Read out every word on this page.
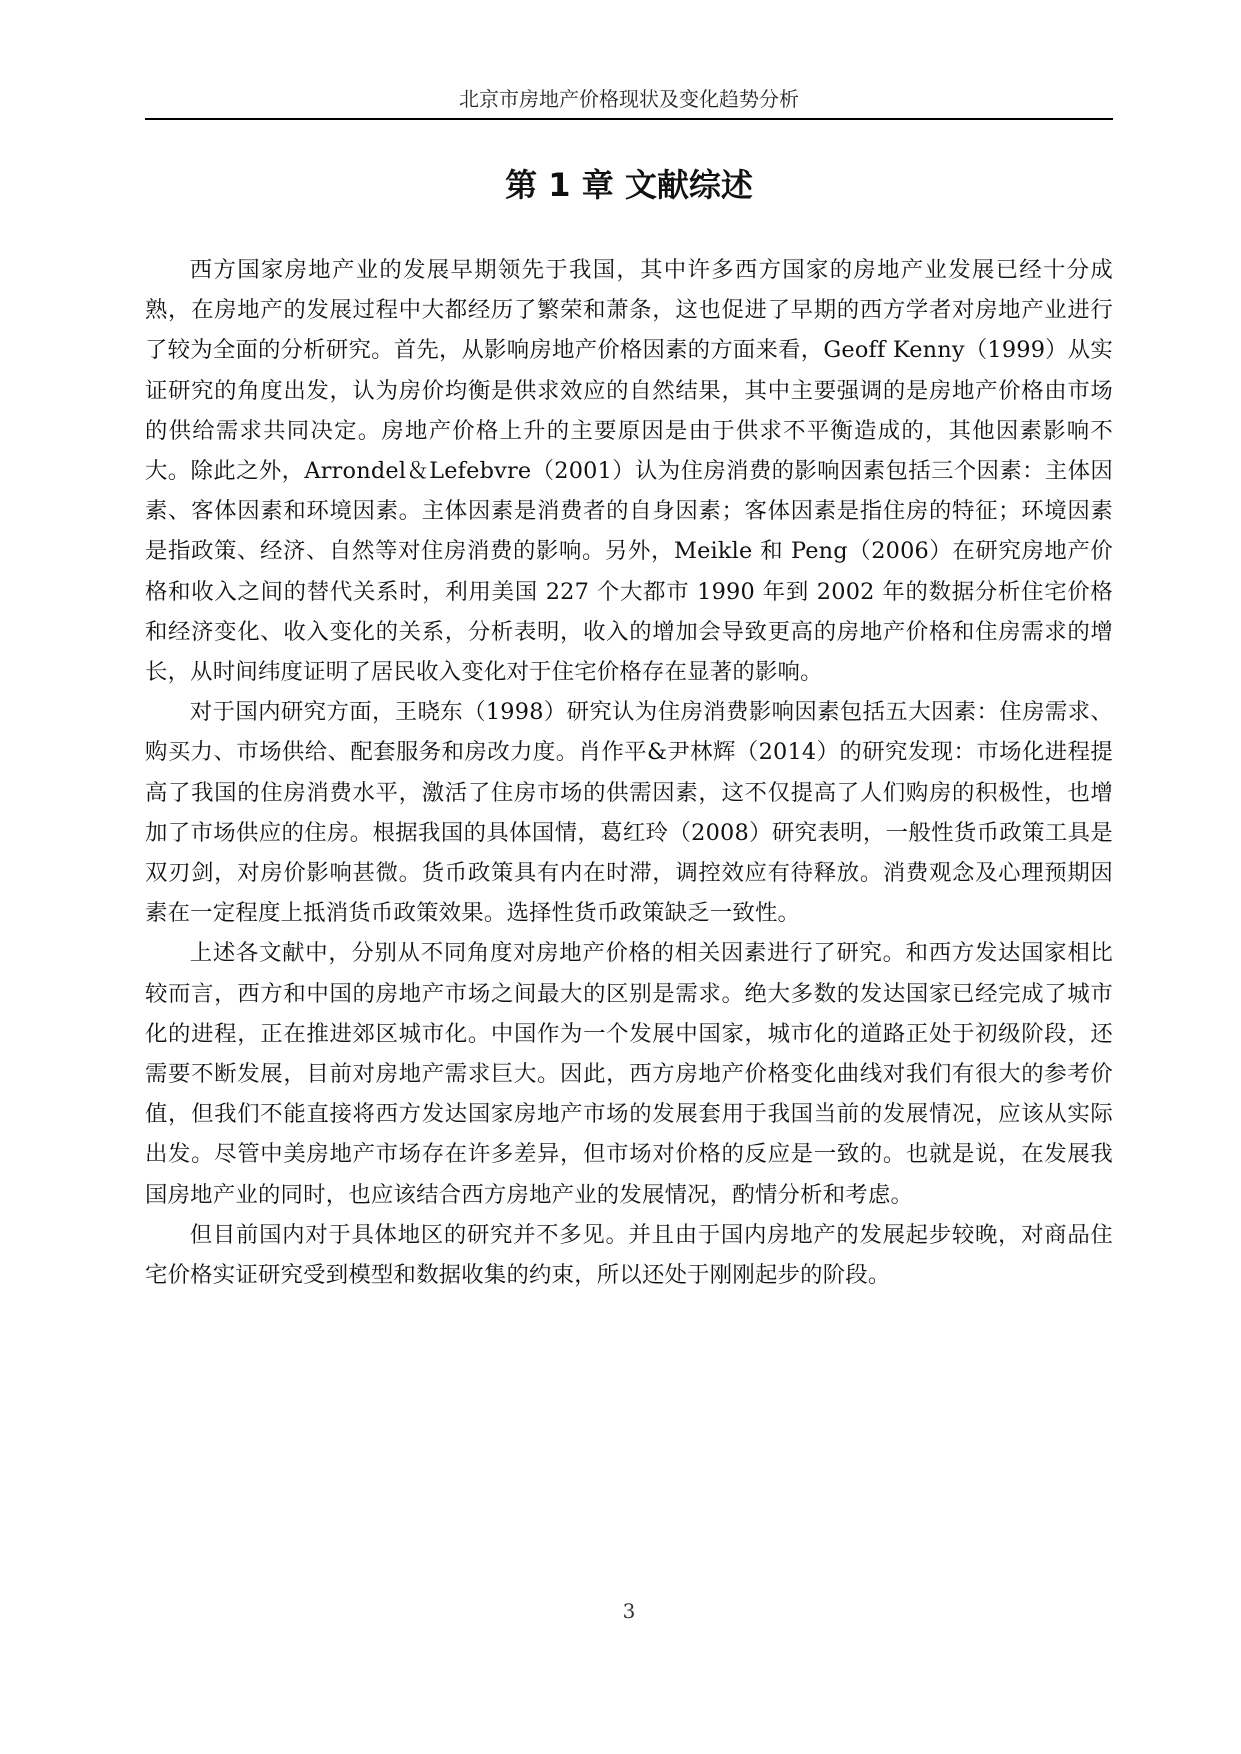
北京市房地产价格现状及变化趋势分析
第 1 章 文献综述

西方国家房地产业的发展早期领先于我国，其中许多西方国家的房地产业发展已经十分成熟，在房地产的发展过程中大都经历了繁荣和萧条，这也促进了早期的西方学者对房地产业进行了较为全面的分析研究。首先，从影响房地产价格因素的方面来看，Geoff Kenny（1999）从实证研究的角度出发，认为房价均衡是供求效应的自然结果，其中主要强调的是房地产价格由市场的供给需求共同决定。房地产价格上升的主要原因是由于供求不平衡造成的，其他因素影响不大。除此之外，Arrondel＆Lefebvre（2001）认为住房消费的影响因素包括三个因素：主体因素、客体因素和环境因素。主体因素是消费者的自身因素；客体因素是指住房的特征；环境因素是指政策、经济、自然等对住房消费的影响。另外，Meikle 和 Peng（2006）在研究房地产价格和收入之间的替代关系时，利用美国 227 个大都市 1990 年到 2002 年的数据分析住宅价格和经济变化、收入变化的关系，分析表明，收入的增加会导致更高的房地产价格和住房需求的增长，从时间纬度证明了居民收入变化对于住宅价格存在显著的影响。

对于国内研究方面，王晓东（1998）研究认为住房消费影响因素包括五大因素：住房需求、购买力、市场供给、配套服务和房改力度。肖作平&尹林辉（2014）的研究发现：市场化进程提高了我国的住房消费水平，激活了住房市场的供需因素，这不仅提高了人们购房的积极性，也增加了市场供应的住房。根据我国的具体国情，葛红玲（2008）研究表明，一般性货币政策工具是双刃剑，对房价影响甚微。货币政策具有内在时滞，调控效应有待释放。消费观念及心理预期因素在一定程度上抵消货币政策效果。选择性货币政策缺乏一致性。

上述各文献中，分别从不同角度对房地产价格的相关因素进行了研究。和西方发达国家相比较而言，西方和中国的房地产市场之间最大的区别是需求。绝大多数的发达国家已经完成了城市化的进程，正在推进郊区城市化。中国作为一个发展中国家，城市化的道路正处于初级阶段，还需要不断发展，目前对房地产需求巨大。因此，西方房地产价格变化曲线对我们有很大的参考价值，但我们不能直接将西方发达国家房地产市场的发展套用于我国当前的发展情况，应该从实际出发。尽管中美房地产市场存在许多差异，但市场对价格的反应是一致的。也就是说，在发展我国房地产业的同时，也应该结合西方房地产业的发展情况，酌情分析和考虑。

但目前国内对于具体地区的研究并不多见。并且由于国内房地产的发展起步较晚，对商品住宅价格实证研究受到模型和数据收集的约束，所以还处于刚刚起步的阶段。

3
